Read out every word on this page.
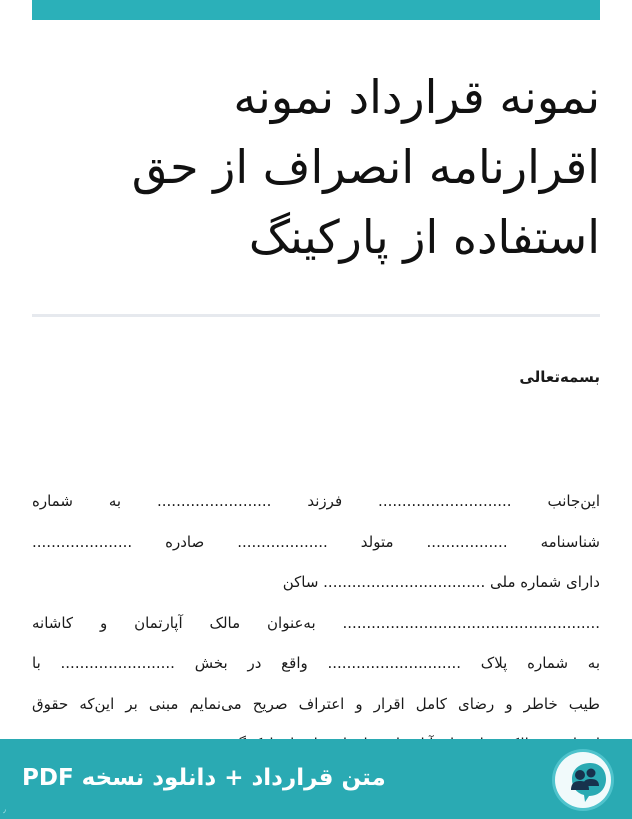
نمونه قرارداد نمونه
اقرارنامه انصراف از حق
استفاده از پارکینگ
بسمه‌تعالی
این‌جانب ............................ فرزند ........................ به شماره
شناسنامه ................. متولد ................... صادره .....................
دارای شماره ملی .................................. ساکن
...................................................... به‌عنوان مالک آپارتمان و کاشانه
به شماره پلاک ............................ واقع در بخش ........................ با
طیب خاطر و رضای کامل اقرار و اعتراف صریح می‌نمایم مبنی بر این‌که حقوق
متن قرارداد + دانلود نسخه PDF
٫
